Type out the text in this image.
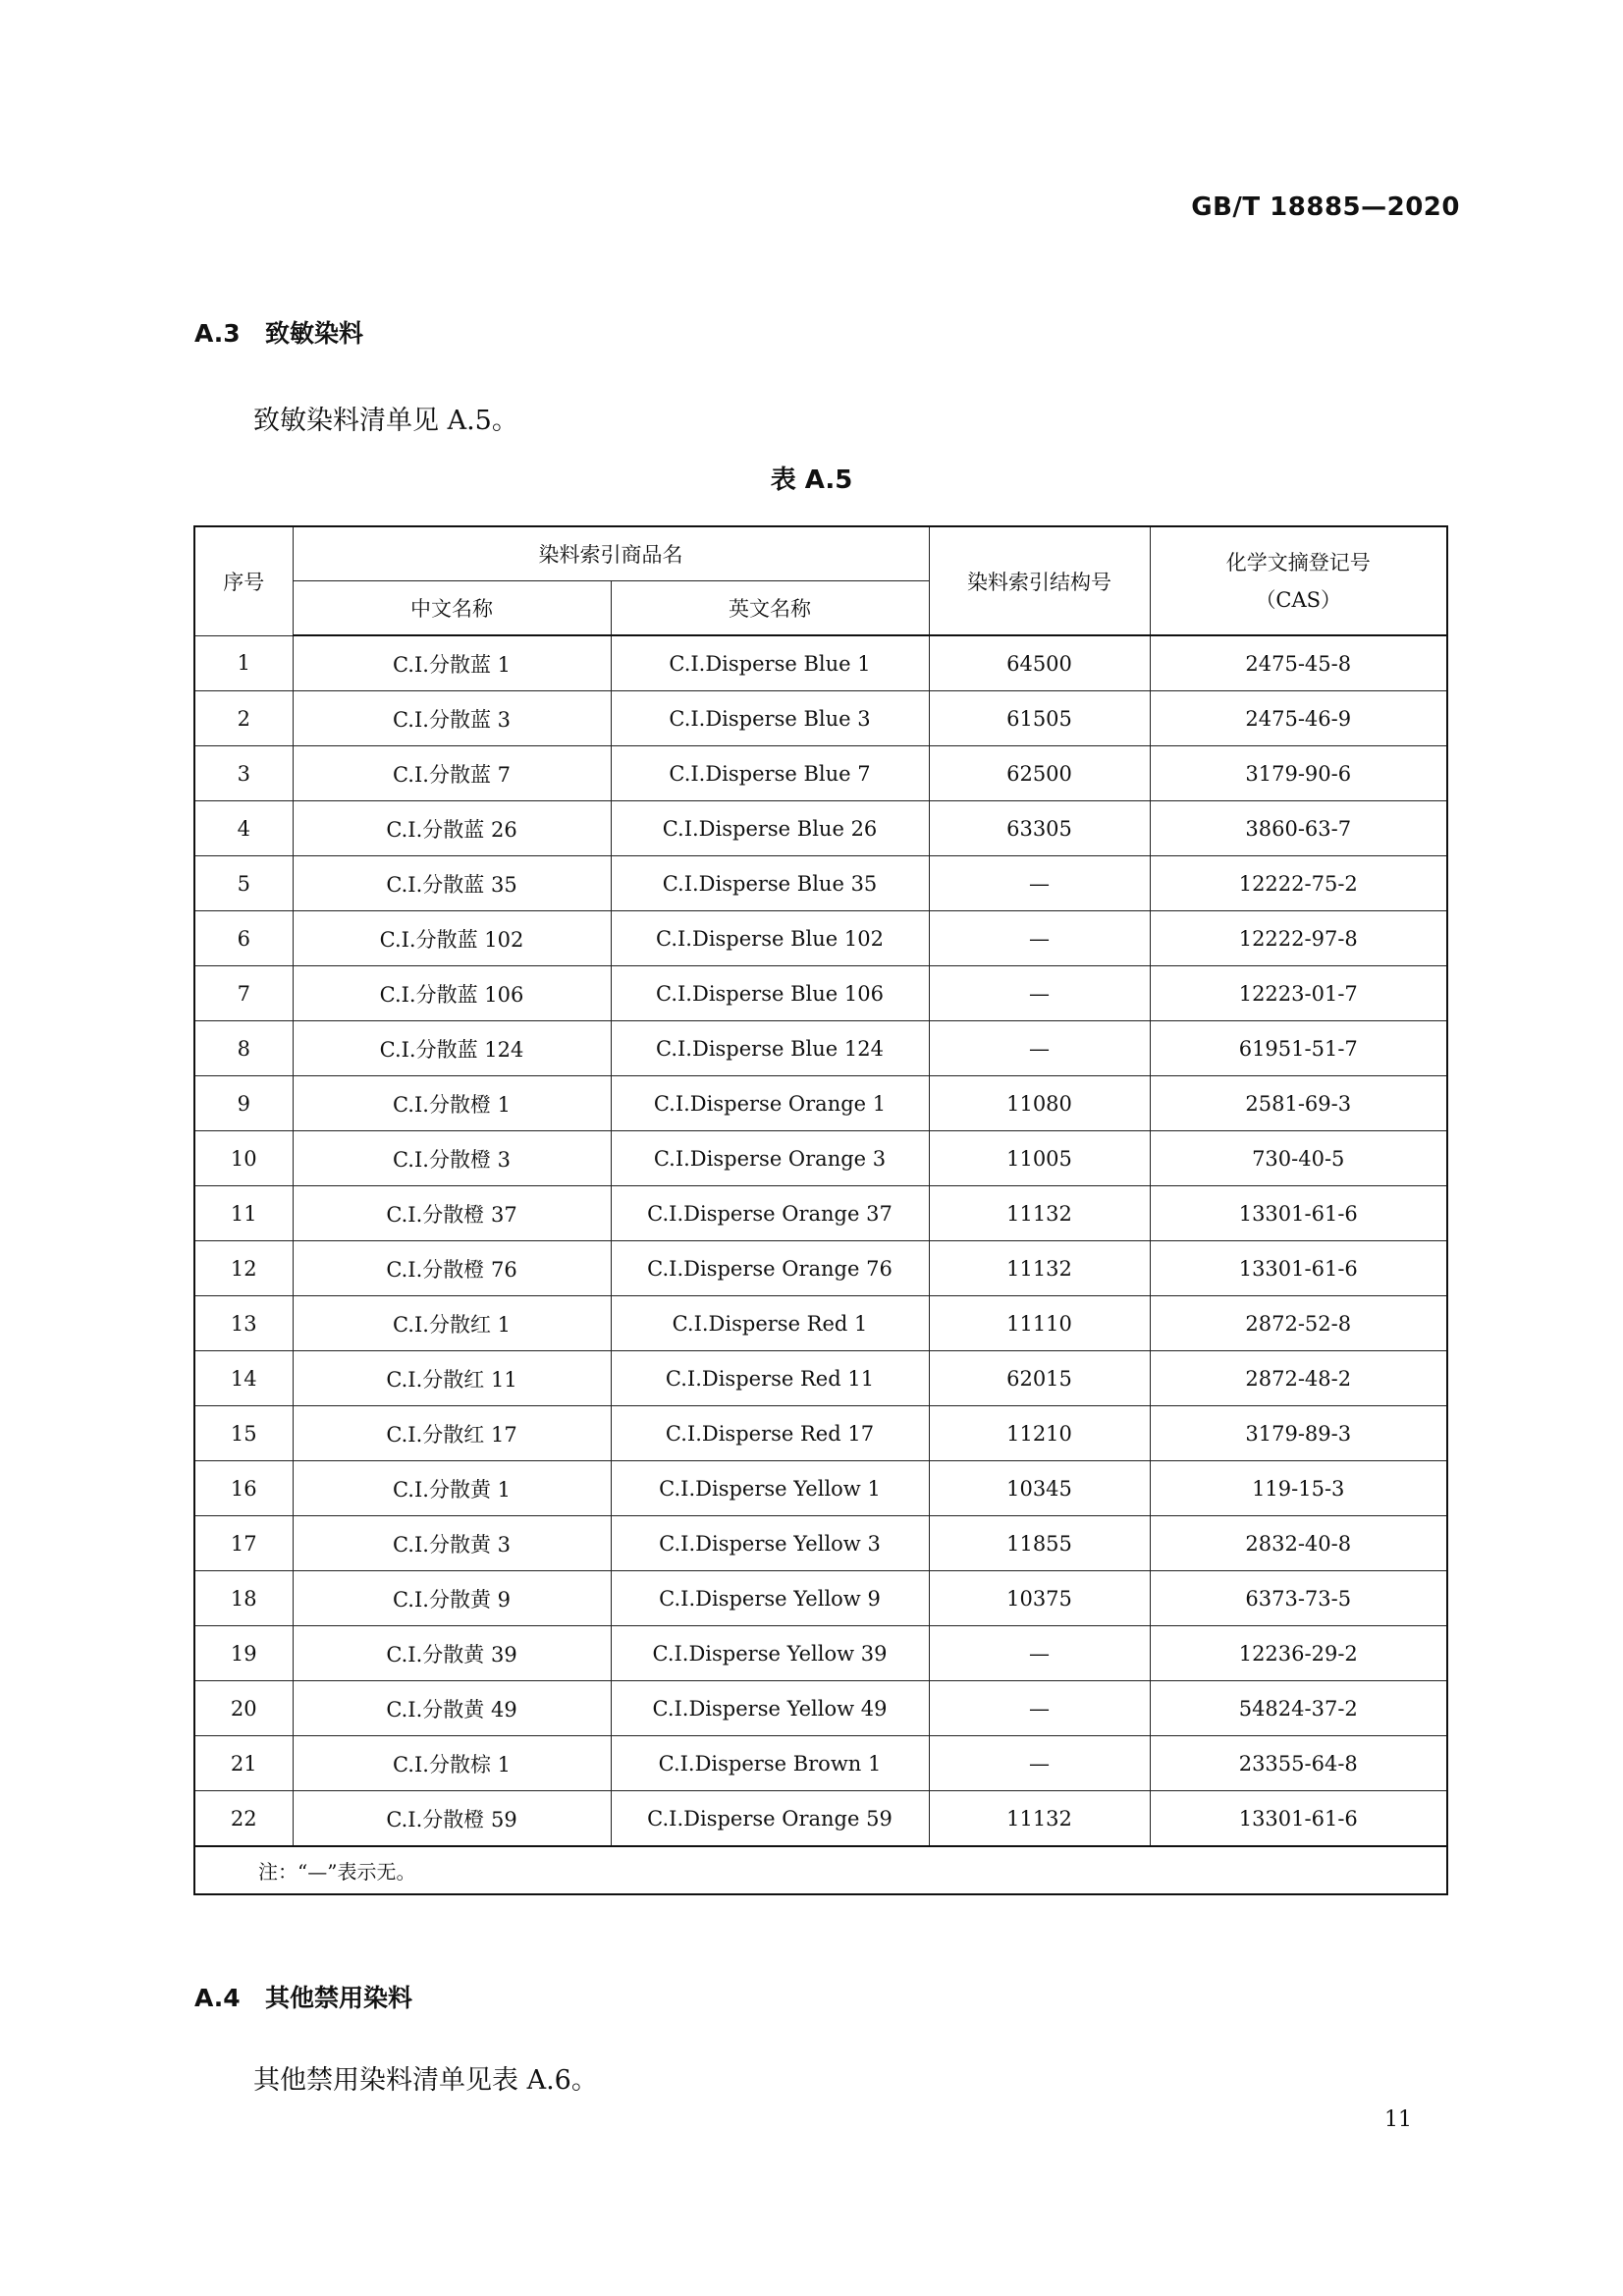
GB/T 18885—2020
A.3 致敏染料
致敏染料清单见 A.5。
表 A.5
序号	染料索引商品名		染料索引结构号	化学文摘登记号
（CAS）

	中文名称	英文名称		
1	C.I.分散蓝 1	C.I.Disperse Blue 1	64500	2475-45-8
2	C.I.分散蓝 3	C.I.Disperse Blue 3	61505	2475-46-9
3	C.I.分散蓝 7	C.I.Disperse Blue 7	62500	3179-90-6
4	C.I.分散蓝 26	C.I.Disperse Blue 26	63305	3860-63-7
5	C.I.分散蓝 35	C.I.Disperse Blue 35	—	12222-75-2
6	C.I.分散蓝 102	C.I.Disperse Blue 102	—	12222-97-8
7	C.I.分散蓝 106	C.I.Disperse Blue 106	—	12223-01-7
8	C.I.分散蓝 124	C.I.Disperse Blue 124	—	61951-51-7
9	C.I.分散橙 1	C.I.Disperse Orange 1	11080	2581-69-3
10	C.I.分散橙 3	C.I.Disperse Orange 3	11005	730-40-5
11	C.I.分散橙 37	C.I.Disperse Orange 37	11132	13301-61-6
12	C.I.分散橙 76	C.I.Disperse Orange 76	11132	13301-61-6
13	C.I.分散红 1	C.I.Disperse Red 1	11110	2872-52-8
14	C.I.分散红 11	C.I.Disperse Red 11	62015	2872-48-2
15	C.I.分散红 17	C.I.Disperse Red 17	11210	3179-89-3
16	C.I.分散黄 1	C.I.Disperse Yellow 1	10345	119-15-3
17	C.I.分散黄 3	C.I.Disperse Yellow 3	11855	2832-40-8
18	C.I.分散黄 9	C.I.Disperse Yellow 9	10375	6373-73-5
19	C.I.分散黄 39	C.I.Disperse Yellow 39	—	12236-29-2
20	C.I.分散黄 49	C.I.Disperse Yellow 49	—	54824-37-2
21	C.I.分散棕 1	C.I.Disperse Brown 1	—	23355-64-8
22	C.I.分散橙 59	C.I.Disperse Orange 59	11132	13301-61-6
注：“—”表示无。				
A.4 其他禁用染料
其他禁用染料清单见表 A.6。
11
